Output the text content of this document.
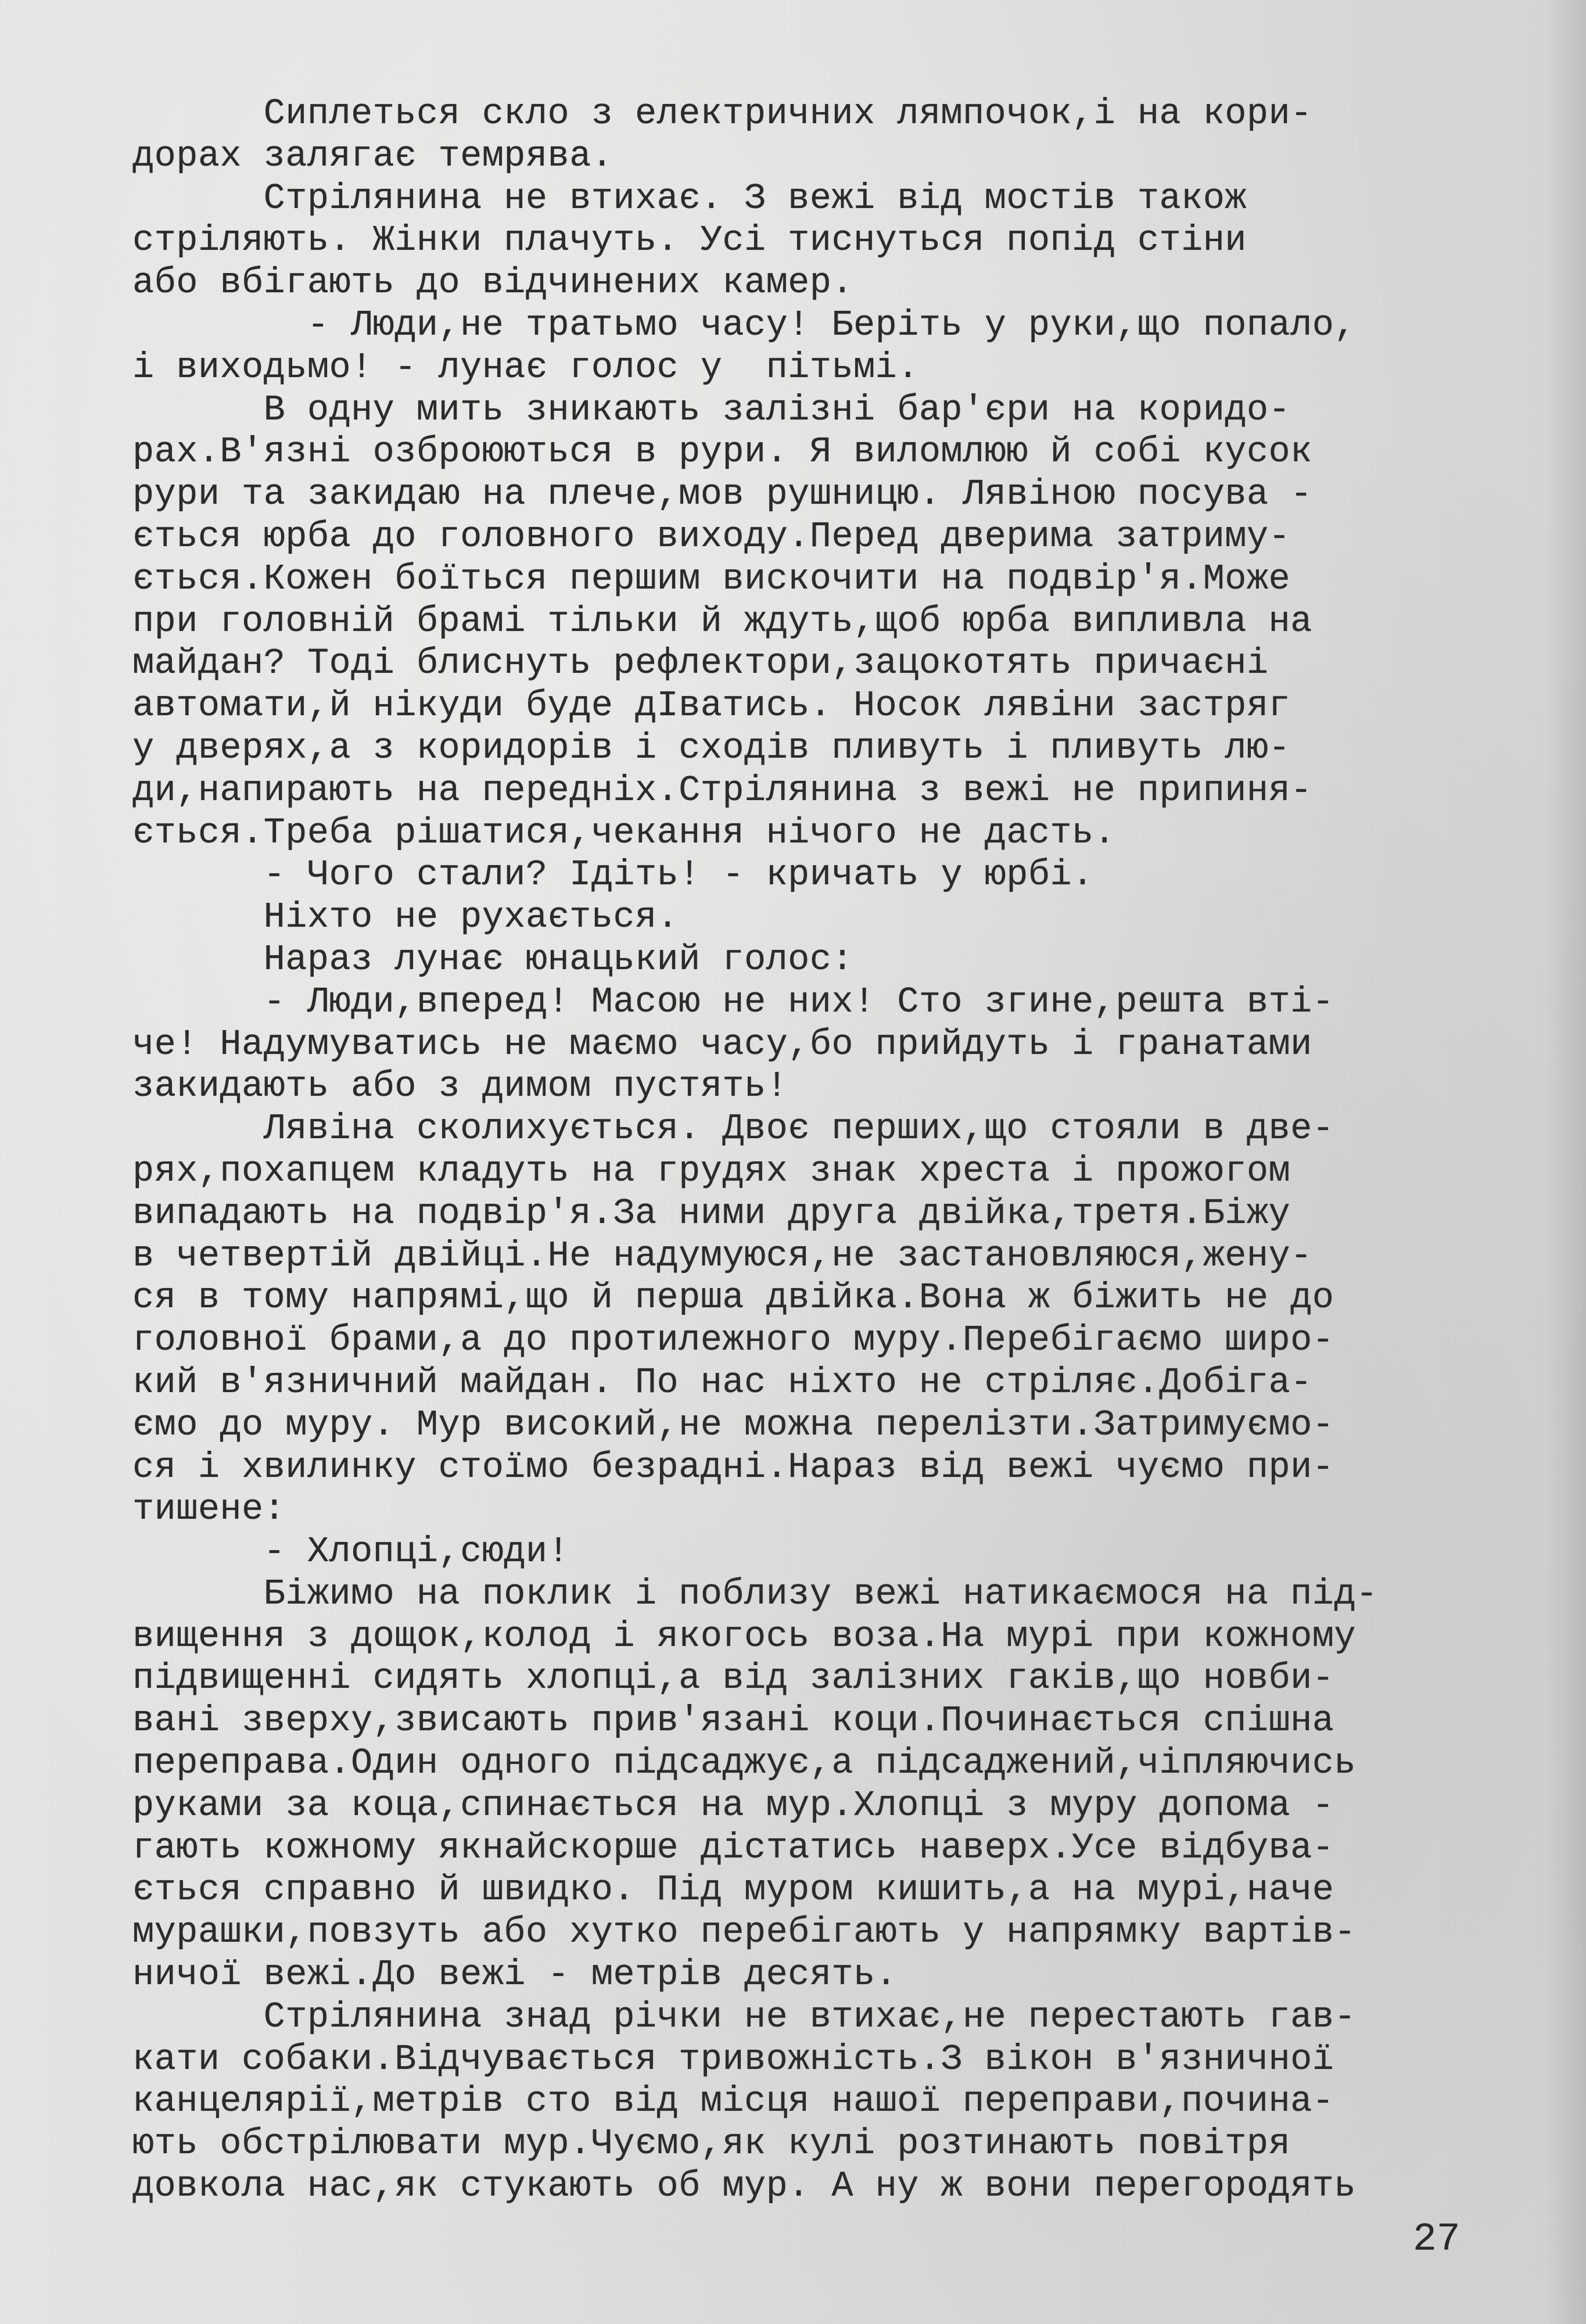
Сиплеться скло з електричних лямпочок,і на кори-
дорах залягає темрява.
Стрілянина не втихає. З вежі від мостів також
стріляють. Жінки плачуть. Усі тиснуться попід стіни
або вбігають до відчинених камер.
- Люди,не тратьмо часу! Беріть у руки,що попало,
і виходьмо! - лунає голос у  пітьмі.
В одну мить зникають залізні бар'єри на коридо-
рах.В'язні озброюються в рури. Я виломлюю й собі кусок
рури та закидаю на плече,мов рушницю. Лявіною посува -
ється юрба до головного виходу.Перед дверима затриму-
ється.Кожен боїться першим вискочити на подвір'я.Може
при головній брамі тільки й ждуть,щоб юрба випливла на
майдан? Тоді блиснуть рефлектори,зацокотять причаєні
автомати,й нікуди буде дІватись. Носок лявіни застряг
у дверях,а з коридорів і сходів пливуть і пливуть лю-
ди,напирають на передніх.Стрілянина з вежі не припиня-
ється.Треба рішатися,чекання нічого не дасть.
- Чого стали? Ідіть! - кричать у юрбі.
Ніхто не рухається.
Нараз лунає юнацький голос:
- Люди,вперед! Масою не них! Сто згине,решта вті-
че! Надумуватись не маємо часу,бо прийдуть і гранатами
закидають або з димом пустять!
Лявіна сколихується. Двоє перших,що стояли в двe-
рях,похапцем кладуть на грудях знак хреста і прожогом
випадають на подвір'я.За ними друга двійка,третя.Біжу
в четвертій двійці.Не надумуюся,не застановляюся,жену-
ся в тому напрямі,що й перша двійка.Вона ж біжить не до
головної брами,а до протилежного муру.Перебігаємо широ-
кий в'язничний майдан. По нас ніхто не стріляє.Добіга-
ємо до муру. Мур високий,не можна перелізти.Затримуємо-
ся і хвилинку стоїмо безрадні.Нараз від вежі чуємо при-
тишене:
- Хлопці,сюди!
Біжимо на поклик і поблизу вежі натикаємося на під-
вищення з дощок,колод і якогось воза.На мурі при кожному
підвищенні сидять хлопці,а від залізних гаків,що новби-
вані зверху,звисають прив'язані коци.Починається спішна
переправа.Один одного підсаджує,а підсаджений,чіпляючись
руками за коца,спинається на мур.Хлопці з муру допома -
гають кожному якнайскорше дістатись наверх.Усе відбува-
ється справно й швидко. Під муром кишить,а на мурі,наче
мурашки,повзуть або хутко перебігають у напрямку вартів-
ничої вежі.До вежі - метрів десять.
Стрілянина знад річки не втихає,не перестають гав-
кати собаки.Відчувається тривожність.З вікон в'язничної
канцелярії,метрів сто від місця нашої переправи,почина-
ють обстрілювати мур.Чуємо,як кулі розтинають повітря
довкола нас,як стукають об мур. А ну ж вони перегородять
27
